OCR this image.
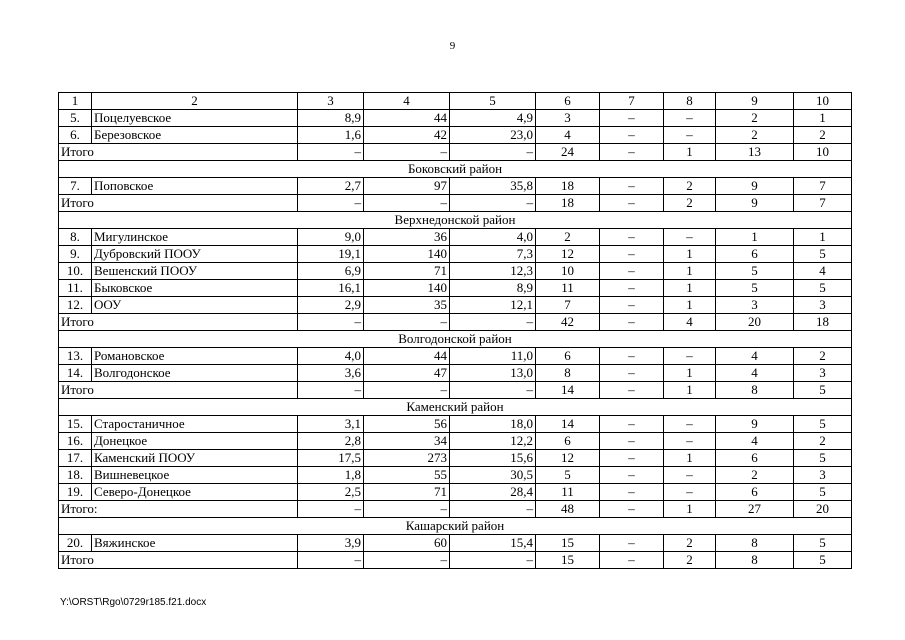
9
1	2	3	4	5	6	7	8	9	10
5.	Поцелуевское	8,9	44	4,9	3	–	–	2	1
6.	Березовское	1,6	42	23,0	4	–	–	2	2
Итого		–	–	–	24	–	1	13	10
Боковский район									
7.	Поповское	2,7	97	35,8	18	–	2	9	7
Итого		–	–	–	18	–	2	9	7
Верхнедонской район									
8.	Мигулинское	9,0	36	4,0	2	–	–	1	1
9.	Дубровский ПООУ	19,1	140	7,3	12	–	1	6	5
10.	Вешенский ПООУ	6,9	71	12,3	10	–	1	5	4
11.	Быковское	16,1	140	8,9	11	–	1	5	5
12.	ООУ	2,9	35	12,1	7	–	1	3	3
Итого		–	–	–	42	–	4	20	18
Волгодонской район									
13.	Романовское	4,0	44	11,0	6	–	–	4	2
14.	Волгодонское	3,6	47	13,0	8	–	1	4	3
Итого		–	–	–	14	–	1	8	5
Каменский район									
15.	Старостаничное	3,1	56	18,0	14	–	–	9	5
16.	Донецкое	2,8	34	12,2	6	–	–	4	2
17.	Каменский ПООУ	17,5	273	15,6	12	–	1	6	5
18.	Вишневецкое	1,8	55	30,5	5	–	–	2	3
19.	Северо-Донецкое	2,5	71	28,4	11	–	–	6	5
Итого:		–	–	–	48	–	1	27	20
Кашарский район									
20.	Вяжинское	3,9	60	15,4	15	–	2	8	5
Итого		–	–	–	15	–	2	8	5
Y:\ORST\Rgo\0729r185.f21.docx
